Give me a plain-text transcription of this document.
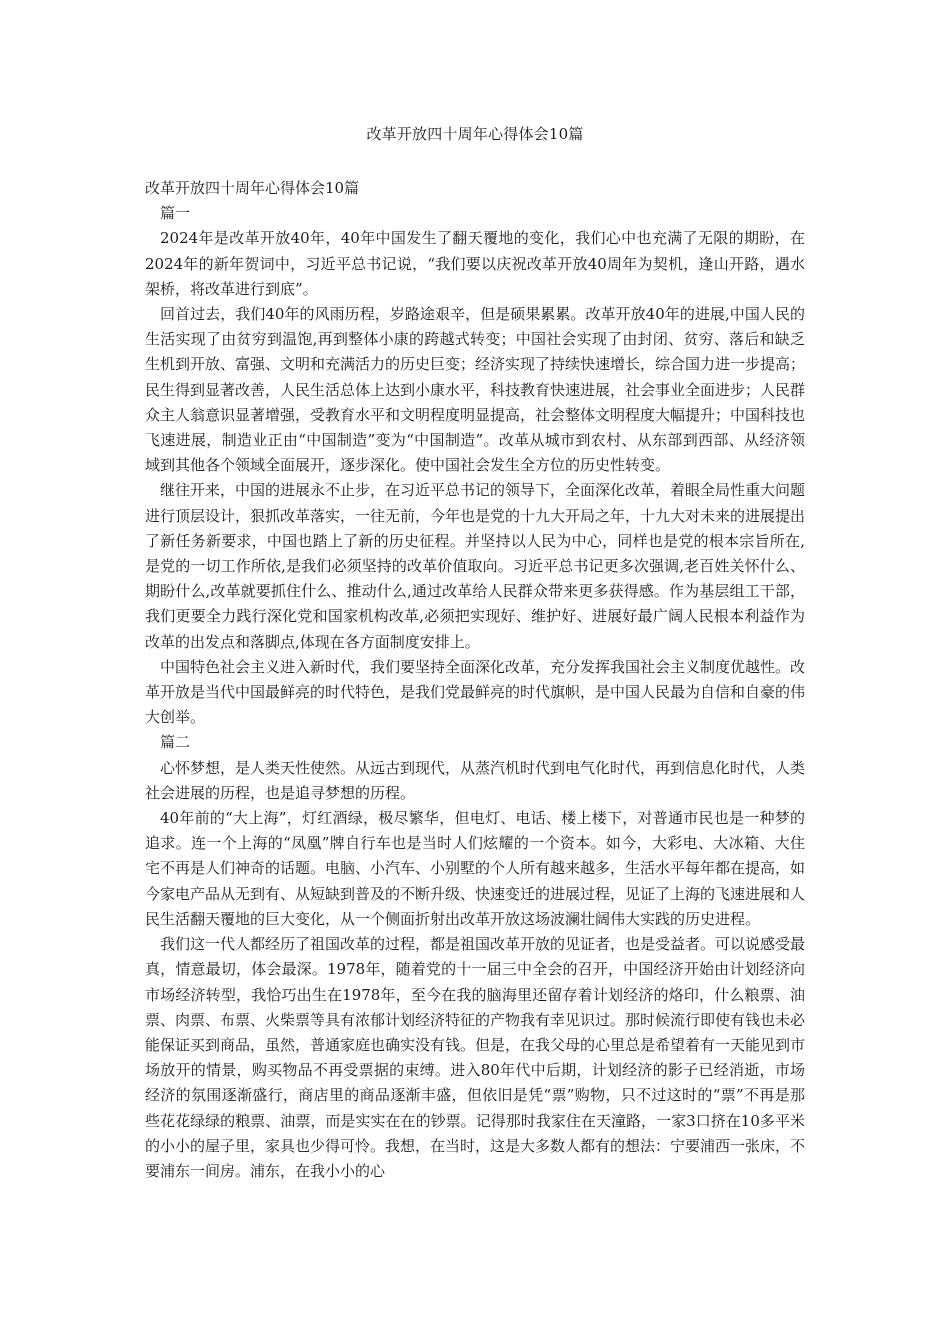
改革开放四十周年心得体会10篇

改革开放四十周年心得体会10篇

篇一

2024年是改革开放40年，40年中国发生了翻天覆地的变化，我们心中也充满了无限的期盼，在2024年的新年贺词中，习近平总书记说，“我们要以庆祝改革开放40周年为契机，逢山开路，遇水架桥，将改革进行到底”。

回首过去，我们40年的风雨历程，岁路途艰辛，但是硕果累累。改革开放40年的进展,中国人民的生活实现了由贫穷到温饱,再到整体小康的跨越式转变；中国社会实现了由封闭、贫穷、落后和缺乏生机到开放、富强、文明和充满活力的历史巨变；经济实现了持续快速增长，综合国力进一步提高；民生得到显著改善，人民生活总体上达到小康水平，科技教育快速进展，社会事业全面进步；人民群众主人翁意识显著增强，受教育水平和文明程度明显提高，社会整体文明程度大幅提升；中国科技也飞速进展，制造业正由“中国制造”变为“中国制造”。改革从城市到农村、从东部到西部、从经济领域到其他各个领域全面展开，逐步深化。使中国社会发生全方位的历史性转变。

继往开来，中国的进展永不止步，在习近平总书记的领导下，全面深化改革，着眼全局性重大问题进行顶层设计，狠抓改革落实，一往无前，今年也是党的十九大开局之年，十九大对未来的进展提出了新任务新要求，中国也踏上了新的历史征程。并坚持以人民为中心，同样也是党的根本宗旨所在,是党的一切工作所依,是我们必须坚持的改革价值取向。习近平总书记更多次强调,老百姓关怀什么、期盼什么,改革就要抓住什么、推动什么,通过改革给人民群众带来更多获得感。作为基层组工干部，我们更要全力践行深化党和国家机构改革,必须把实现好、维护好、进展好最广阔人民根本利益作为改革的出发点和落脚点,体现在各方面制度安排上。

中国特色社会主义进入新时代，我们要坚持全面深化改革，充分发挥我国社会主义制度优越性。改革开放是当代中国最鲜亮的时代特色，是我们党最鲜亮的时代旗帜，是中国人民最为自信和自豪的伟大创举。

篇二

心怀梦想，是人类天性使然。从远古到现代，从蒸汽机时代到电气化时代，再到信息化时代，人类社会进展的历程，也是追寻梦想的历程。

40年前的“大上海”，灯红酒绿，极尽繁华，但电灯、电话、楼上楼下，对普通市民也是一种梦的追求。连一个上海的“凤凰”牌自行车也是当时人们炫耀的一个资本。如今，大彩电、大冰箱、大住宅不再是人们神奇的话题。电脑、小汽车、小别墅的个人所有越来越多，生活水平每年都在提高，如今家电产品从无到有、从短缺到普及的不断升级、快速变迁的进展过程，见证了上海的飞速进展和人民生活翻天覆地的巨大变化，从一个侧面折射出改革开放这场波澜壮阔伟大实践的历史进程。

我们这一代人都经历了祖国改革的过程，都是祖国改革开放的见证者，也是受益者。可以说感受最真，情意最切，体会最深。1978年，随着党的十一届三中全会的召开，中国经济开始由计划经济向市场经济转型，我恰巧出生在1978年，至今在我的脑海里还留存着计划经济的烙印，什么粮票、油票、肉票、布票、火柴票等具有浓郁计划经济特征的产物我有幸见识过。那时候流行即使有钱也未必能保证买到商品，虽然，普通家庭也确实没有钱。但是，在我父母的心里总是希望着有一天能见到市场放开的情景，购买物品不再受票据的束缚。进入80年代中后期，计划经济的影子已经消逝，市场经济的氛围逐渐盛行，商店里的商品逐渐丰盛，但依旧是凭“票”购物，只不过这时的“票”不再是那些花花绿绿的粮票、油票，而是实实在在的钞票。记得那时我家住在天潼路，一家3口挤在10多平米的小小的屋子里，家具也少得可怜。我想，在当时，这是大多数人都有的想法：宁要浦西一张床，不要浦东一间房。浦东，在我小小的心
